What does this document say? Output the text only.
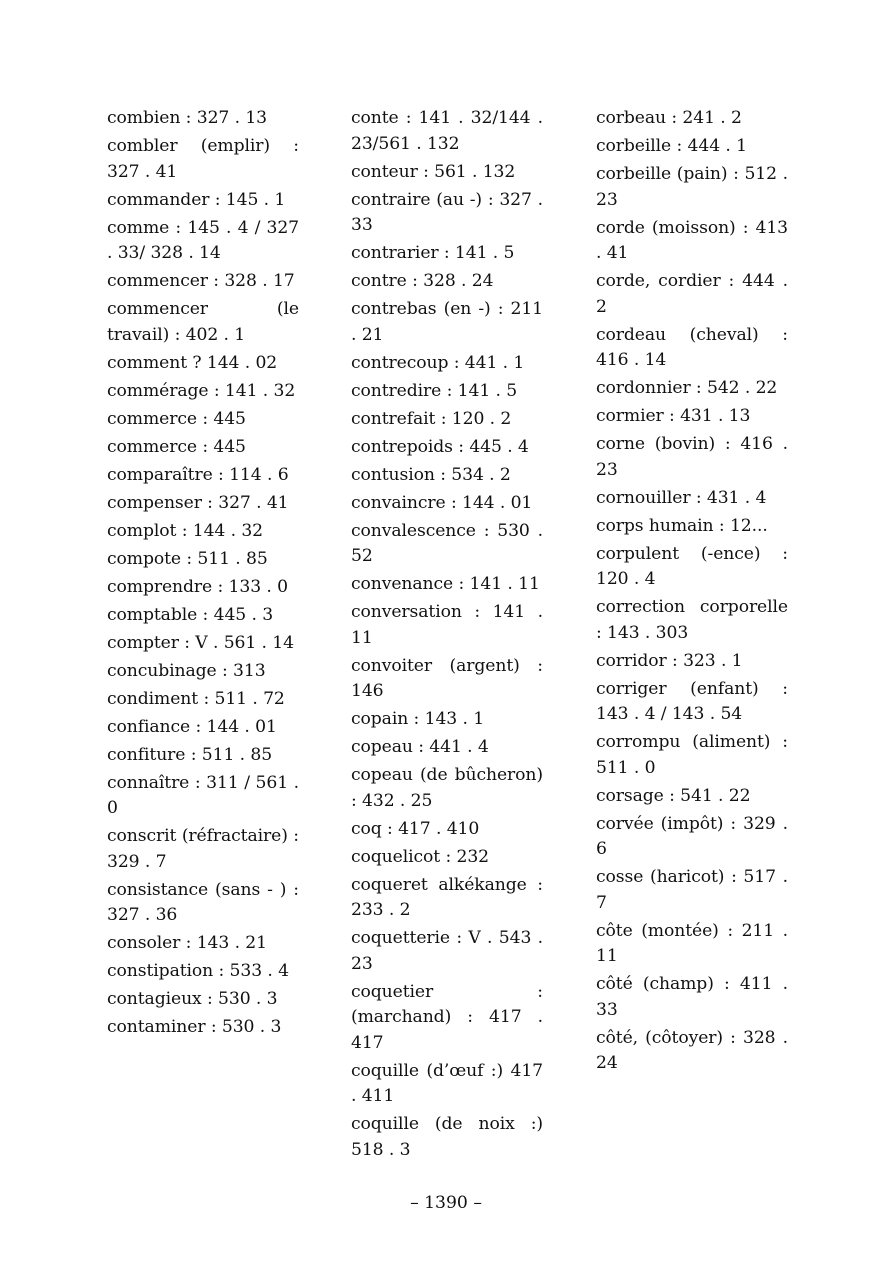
combien : 327 . 13
combler (emplir) : 327 . 41
commander : 145 . 1
comme : 145 . 4 / 327 . 33/ 328 . 14
commencer : 328 . 17
commencer (le travail) : 402 . 1
comment ? 144 . 02
commérage : 141 . 32
commerce : 445
commerce : 445
comparaître : 114 . 6
compenser : 327 . 41
complot : 144 . 32
compote : 511 . 85
comprendre : 133 . 0
comptable : 445 . 3
compter : V . 561 . 14
concubinage : 313
condiment : 511 . 72
confiance : 144 . 01
confiture : 511 . 85
connaître : 311 / 561 . 0
conscrit (réfractaire) : 329 . 7
consistance (sans - ) : 327 . 36
consoler : 143 . 21
constipation : 533 . 4
contagieux : 530 . 3
contaminer : 530 . 3
conte : 141 . 32/144 . 23/561 . 132
conteur : 561 . 132
contraire (au -) : 327 . 33
contrarier : 141 . 5
contre : 328 . 24
contrebas (en -) : 211 . 21
contrecoup : 441 . 1
contredire : 141 . 5
contrefait : 120 . 2
contrepoids : 445 . 4
contusion : 534 . 2
convaincre : 144 . 01
convalescence : 530 . 52
convenance : 141 . 11
conversation : 141 . 11
convoiter (argent) : 146
copain : 143 . 1
copeau : 441 . 4
copeau (de bûcheron) : 432 . 25
coq : 417 . 410
coquelicot : 232
coqueret alkékange : 233 . 2
coquetterie : V . 543 . 23
coquetier : (marchand) : 417 . 417
coquille (d’œuf :) 417 . 411
coquille (de noix :) 518 . 3
corbeau : 241 . 2
corbeille : 444 . 1
corbeille (pain) : 512 . 23
corde (moisson) : 413 . 41
corde, cordier : 444 . 2
cordeau (cheval) : 416 . 14
cordonnier : 542 . 22
cormier : 431 . 13
corne (bovin) : 416 . 23
cornouiller : 431 . 4
corps humain : 12...
corpulent (-ence) : 120 . 4
correction corporelle : 143 . 303
corridor : 323 . 1
corriger (enfant) : 143 . 4 / 143 . 54
corrompu (aliment) : 511 . 0
corsage : 541 . 22
corvée (impôt) : 329 . 6
cosse (haricot) : 517 . 7
côte (montée) : 211 . 11
côté (champ) : 411 . 33
côté, (côtoyer) : 328 . 24
– 1390 –
